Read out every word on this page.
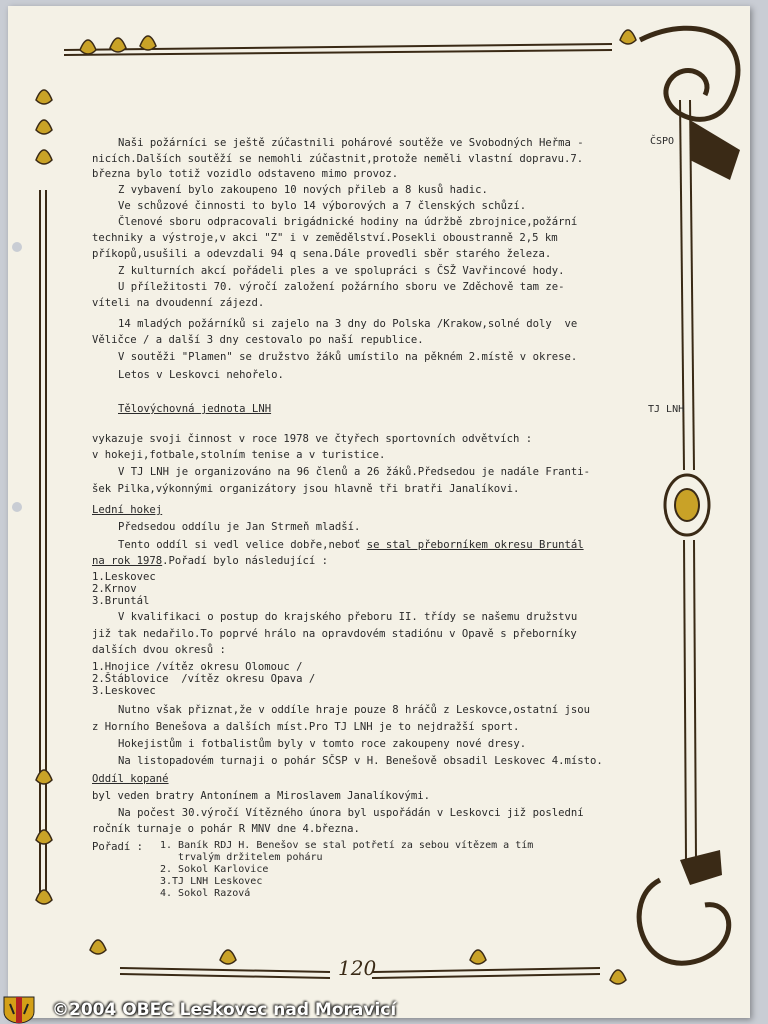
ČSPO
TJ LNH
Naši požárníci se ještě zúčastnili pohárové soutěže ve Svobodných Heřma -
nicích.Dalších soutěží se nemohli zúčastnit,protože neměli vlastní dopravu.7.
března bylo totiž vozidlo odstaveno mimo provoz.
Z vybavení bylo zakoupeno 10 nových přileb a 8 kusů hadic.
Ve schůzové činnosti to bylo 14 výborových a 7 členských schůzí.
Členové sboru odpracovali brigádnické hodiny na údržbě zbrojnice,požární
techniky a výstroje,v akci "Z" i v zemědělství.Posekli oboustranně 2,5 km
příkopů,usušili a odevzdali 94 q sena.Dále provedli sběr starého železa.
Z kulturních akcí pořádeli ples a ve spolupráci s ČSŽ Vavřincové hody.
U příležitosti 70. výročí založení požárního sboru ve Zděchově tam ze-
víteli na dvoudenní zájezd.
14 mladých požárníků si zajelo na 3 dny do Polska /Krakow,solné doly  ve
Věličce / a další 3 dny cestovalo po naší republice.
V soutěži "Plamen" se družstvo žáků umístilo na pěkném 2.místě v okrese.
Letos v Leskovci nehořelo.
Tělovýchovná jednota LNH
vykazuje svoji činnost v roce 1978 ve čtyřech sportovních odvětvích :
v hokeji,fotbale,stolním tenise a v turistice.
V TJ LNH je organizováno na 96 členů a 26 žáků.Předsedou je nadále Franti-
šek Pilka,výkonnými organizátory jsou hlavně tři bratři Janalíkovi.
Lední hokej
Předsedou oddílu je Jan Strmeň mladší.
Tento oddíl si vedl velice dobře,neboť se stal přeborníkem okresu Bruntál
na rok 1978.Pořadí bylo následující :
1.Leskovec
2.Krnov
3.Bruntál
V kvalifikaci o postup do krajského přeboru II. třídy se našemu družstvu
již tak nedařilo.To poprvé hrálo na opravdovém stadiónu v Opavě s přeborníky
dalších dvou okresů :
1.Hnojice /vítěz okresu Olomouc /
2.Štáblovice  /vítěz okresu Opava /
3.Leskovec
Nutno však přiznat,že v oddíle hraje pouze 8 hráčů z Leskovce,ostatní jsou
z Horního Benešova a dalších míst.Pro TJ LNH je to nejdražší sport.
Hokejistům i fotbalistům byly v tomto roce zakoupeny nové dresy.
Na listopadovém turnaji o pohár SČSP v H. Benešově obsadil Leskovec 4.místo.
Oddíl kopané
byl veden bratry Antonínem a Miroslavem Janalíkovými.
Na počest 30.výročí Vítězného února byl uspořádán v Leskovci již poslední
ročník turnaje o pohár R MNV dne 4.března.
Pořadí : 1. Baník RDJ H. Benešov se stal potřetí za sebou vítězem a tím
trvalým držitelem poháru
2. Sokol Karlovice
3.TJ LNH Leskovec
4. Sokol Razová
120
©2004 OBEC Leskovec nad Moravicí
